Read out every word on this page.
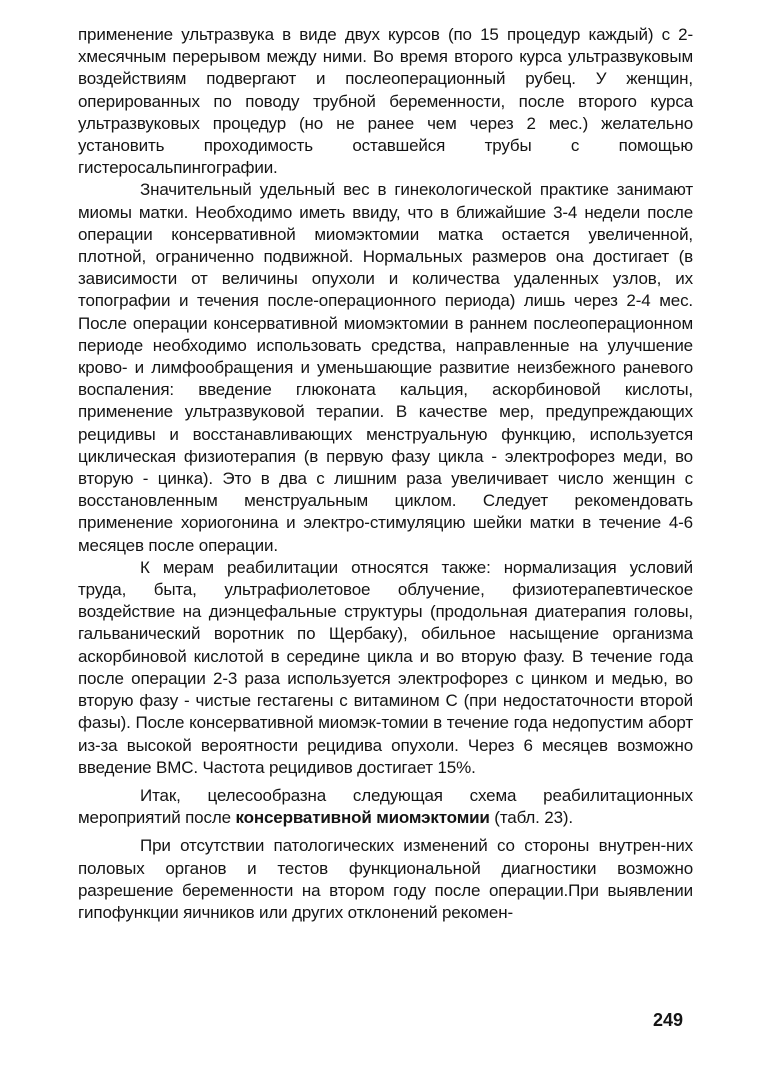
применение ультразвука в виде двух курсов (по 15 процедур каждый) с 2-хмесячным перерывом между ними. Во время второго курса ультразвуковым воздействиям подвергают и послеоперационный рубец. У женщин, оперированных по поводу трубной беременности, после второго курса ультразвуковых процедур (но не ранее чем через 2 мес.) желательно установить проходимость оставшейся трубы с помощью гистеросальпингографии.

Значительный удельный вес в гинекологической практике занимают миомы матки. Необходимо иметь ввиду, что в ближайшие 3-4 недели после операции консервативной миомэктомии матка остается увеличенной, плотной, ограниченно подвижной. Нормальных размеров она достигает (в зависимости от величины опухоли и количества удаленных узлов, их топографии и течения после-операционного периода) лишь через 2-4 мес. После операции консервативной миомэктомии в раннем послеоперационном периоде необходимо использовать средства, направленные на улучшение крово- и лимфообращения и уменьшающие развитие неизбежного раневого воспаления: введение глюконата кальция, аскорбиновой кислоты, применение ультразвуковой терапии. В качестве мер, предупреждающих рецидивы и восстанавливающих менструальную функцию, используется циклическая физиотерапия (в первую фазу цикла - электрофорез меди, во вторую - цинка). Это в два с лишним раза увеличивает число женщин с восстановленным менструальным циклом. Следует рекомендовать применение хориогонина и электро-стимуляцию шейки матки в течение 4-6 месяцев после операции.

К мерам реабилитации относятся также: нормализация условий труда, быта, ультрафиолетовое облучение, физиотерапевтическое воздействие на диэнцефальные структуры (продольная диатерапия головы, гальванический воротник по Щербаку), обильное насыщение организма аскорбиновой кислотой в середине цикла и во вторую фазу. В течение года после операции 2-3 раза используется электрофорез с цинком и медью, во вторую фазу - чистые гестагены с витамином С (при недостаточности второй фазы). После консервативной миомэк-томии в течение года недопустим аборт из-за высокой вероятности рецидива опухоли. Через 6 месяцев возможно введение ВМС. Частота рецидивов достигает 15%.

Итак, целесообразна следующая схема реабилитационных мероприятий после консервативной миомэктомии (табл. 23).

При отсутствии патологических изменений со стороны внутрен-них половых органов и тестов функциональной диагностики возможно разрешение беременности на втором году после операции.При выявлении гипофункции яичников или других отклонений рекомен-

249
